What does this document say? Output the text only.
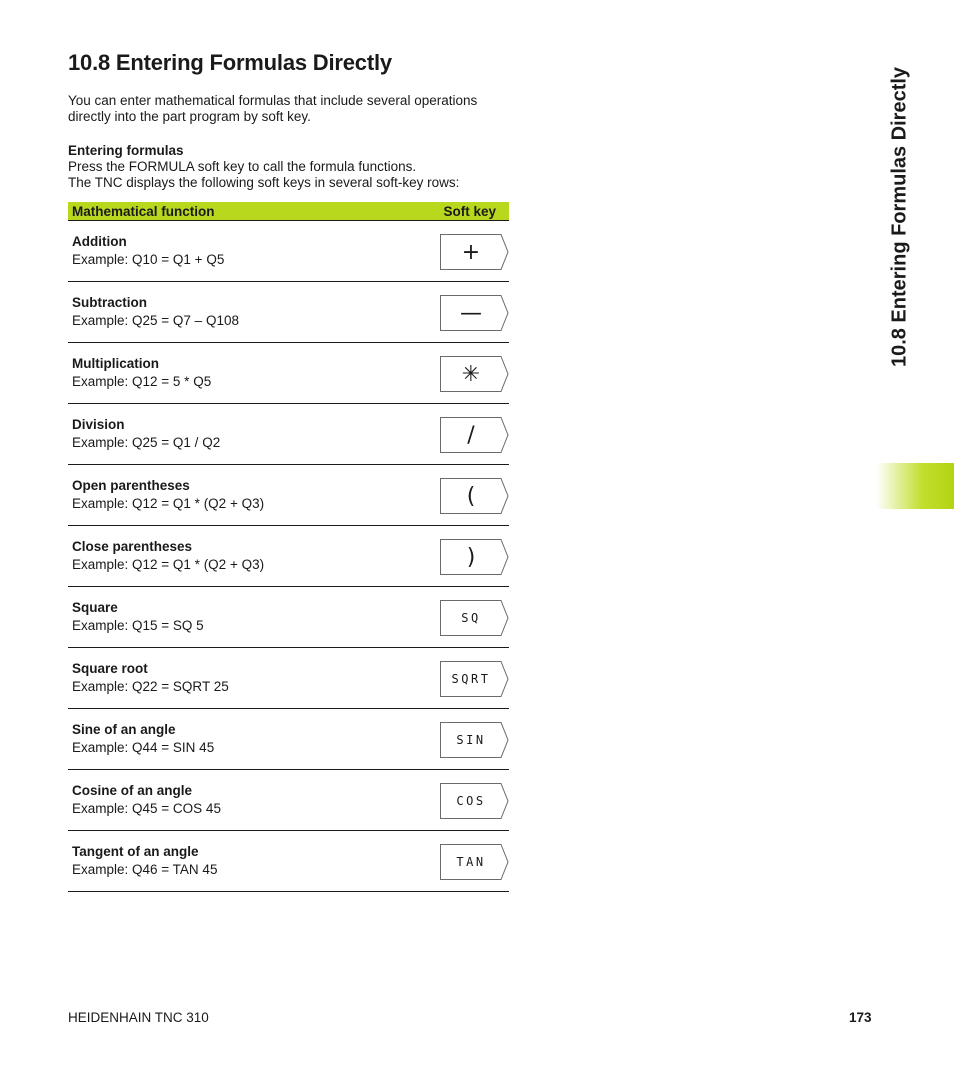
10.8 Entering Formulas Directly

You can enter mathematical formulas that include several operations directly into the part program by soft key.

Entering formulas
Press the FORMULA soft key to call the formula functions.
The TNC displays the following soft keys in several soft-key rows:
Mathematical function	Soft key
Addition
Example: Q10 = Q1 + Q5	+
Subtraction
Example: Q25 = Q7 – Q108	—
Multiplication
Example: Q12 = 5 * Q5	✳
Division
Example: Q25 = Q1 / Q2	/
Open parentheses
Example: Q12 = Q1 * (Q2 + Q3)	(
Close parentheses
Example: Q12 = Q1 * (Q2 + Q3)	)
Square
Example: Q15 = SQ 5	SQ
Square root
Example: Q22 = SQRT 25	SQRT
Sine of an angle
Example: Q44 = SIN 45	SIN
Cosine of an angle
Example: Q45 = COS 45	COS
Tangent of an angle
Example: Q46 = TAN 45	TAN
10.8 Entering Formulas Directly
HEIDENHAIN TNC 310	173
